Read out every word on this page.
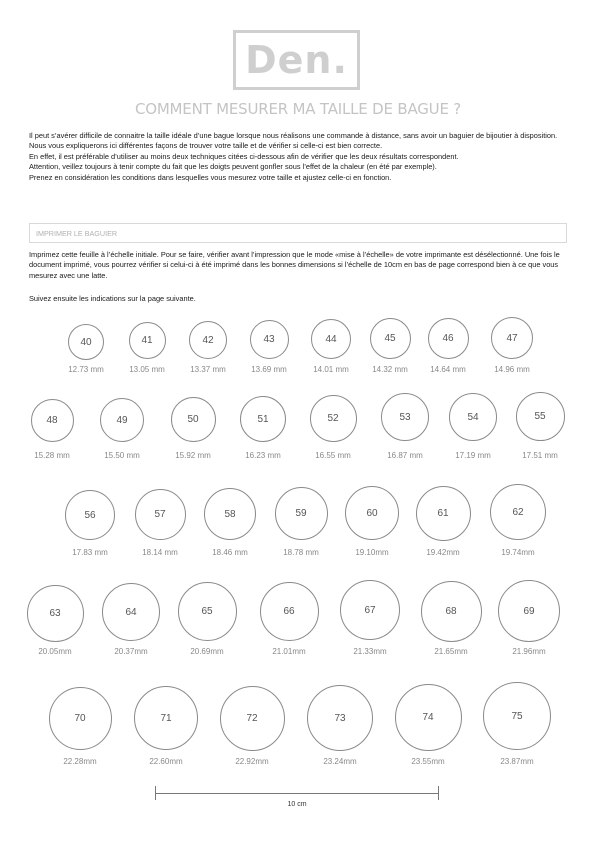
Den.
COMMENT MESURER MA TAILLE DE BAGUE ?

Il peut s’avérer difficile de connaitre la taille idéale d’une bague lorsque nous réalisons une commande à distance, sans avoir un baguier de bijoutier à disposition. Nous vous expliquerons ici différentes façons de trouver votre taille et de vérifier si celle-ci est bien correcte.

En effet, il est préférable d’utiliser au moins deux techniques citées ci-dessous afin de vérifier que les deux résultats correspondent.

Attention, veillez toujours à tenir compte du fait que les doigts peuvent gonfler sous l’effet de la chaleur (en été par exemple).

Prenez en considération les conditions dans lesquelles vous mesurez votre taille et ajustez celle-ci en fonction.

IMPRIMER LE BAGUIER

Imprimez cette feuille à l’échelle initiale. Pour se faire, vérifier avant l’impression que le mode «mise à l’échelle» de votre imprimante est désélectionné. Une fois le document imprimé, vous pourrez vérifier si celui-ci à été imprimé dans les bonnes dimensions si l’échelle de 10cm en bas de page correspond bien à ce que vous mesurez avec une latte.

Suivez ensuite les indications sur la page suivante.
40
12.73 mm
41
13.05 mm
42
13.37 mm
43
13.69 mm
44
14.01 mm
45
14.32 mm
46
14.64 mm
47
14.96 mm
48
15.28 mm
49
15.50 mm
50
15.92 mm
51
16.23 mm
52
16.55 mm
53
16.87 mm
54
17.19 mm
55
17.51 mm
56
17.83 mm
57
18.14 mm
58
18.46 mm
59
18.78 mm
60
19.10mm
61
19.42mm
62
19.74mm
63
20.05mm
64
20.37mm
65
20.69mm
66
21.01mm
67
21.33mm
68
21.65mm
69
21.96mm
70
22.28mm
71
22.60mm
72
22.92mm
73
23.24mm
74
23.55mm
75
23.87mm
10 cm
